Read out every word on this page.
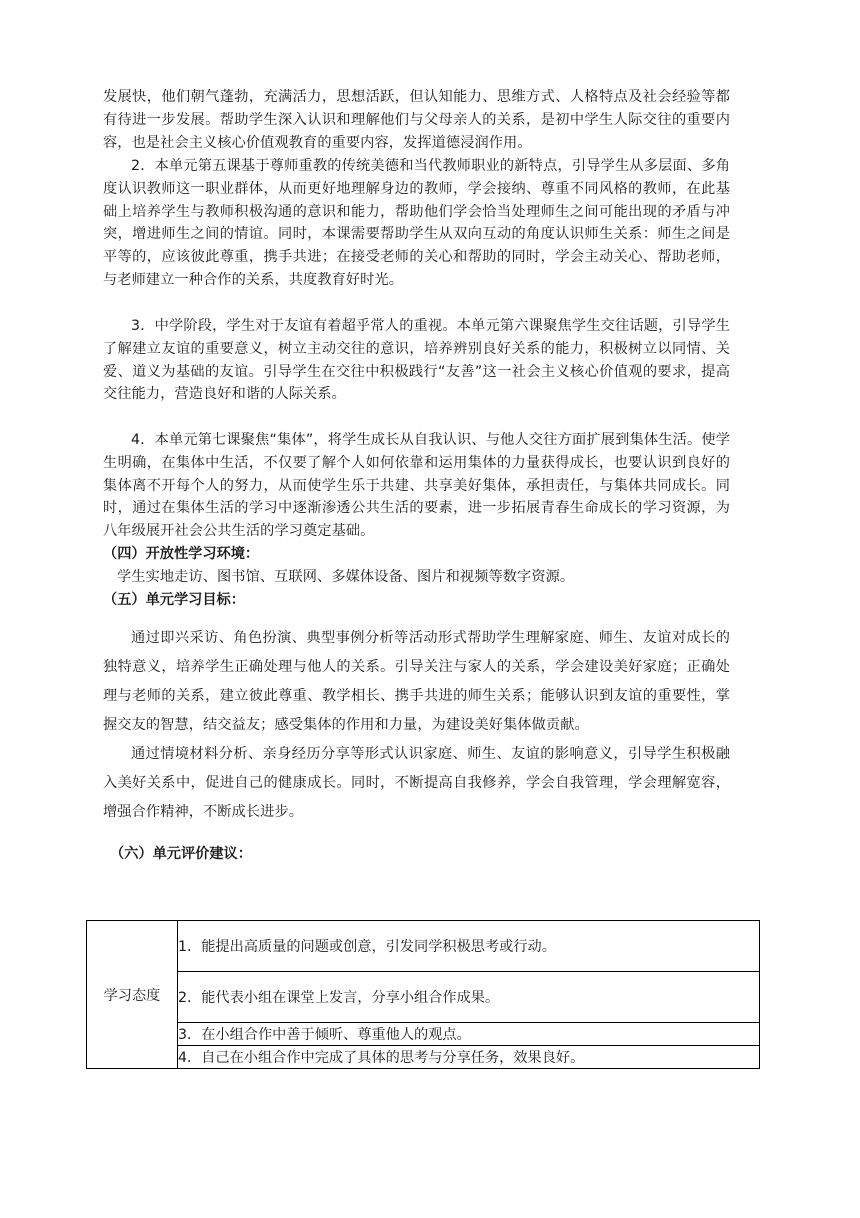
发展快，他们朝气蓬勃，充满活力，思想活跃，但认知能力、思维方式、人格特点及社会经验等都有待进一步发展。帮助学生深入认识和理解他们与父母亲人的关系，是初中学生人际交往的重要内容，也是社会主义核心价值观教育的重要内容，发挥道德浸润作用。

2．本单元第五课基于尊师重教的传统美德和当代教师职业的新特点，引导学生从多层面、多角度认识教师这一职业群体，从而更好地理解身边的教师，学会接纳、尊重不同风格的教师，在此基础上培养学生与教师积极沟通的意识和能力，帮助他们学会恰当处理师生之间可能出现的矛盾与冲突，增进师生之间的情谊。同时，本课需要帮助学生从双向互动的角度认识师生关系：师生之间是平等的，应该彼此尊重，携手共进；在接受老师的关心和帮助的同时，学会主动关心、帮助老师，与老师建立一种合作的关系，共度教育好时光。

3．中学阶段，学生对于友谊有着超乎常人的重视。本单元第六课聚焦学生交往话题，引导学生了解建立友谊的重要意义，树立主动交往的意识，培养辨别良好关系的能力，积极树立以同情、关爱、道义为基础的友谊。引导学生在交往中积极践行“友善”这一社会主义核心价值观的要求，提高交往能力，营造良好和谐的人际关系。

4．本单元第七课聚焦“集体”，将学生成长从自我认识、与他人交往方面扩展到集体生活。使学生明确，在集体中生活，不仅要了解个人如何依靠和运用集体的力量获得成长，也要认识到良好的集体离不开每个人的努力，从而使学生乐于共建、共享美好集体，承担责任，与集体共同成长。同时，通过在集体生活的学习中逐渐渗透公共生活的要素，进一步拓展青春生命成长的学习资源，为八年级展开社会公共生活的学习奠定基础。

（四）开放性学习环境：

学生实地走访、图书馆、互联网、多媒体设备、图片和视频等数字资源。

（五）单元学习目标：

通过即兴采访、角色扮演、典型事例分析等活动形式帮助学生理解家庭、师生、友谊对成长的独特意义，培养学生正确处理与他人的关系。引导关注与家人的关系，学会建设美好家庭；正确处理与老师的关系，建立彼此尊重、教学相长、携手共进的师生关系；能够认识到友谊的重要性，掌握交友的智慧，结交益友；感受集体的作用和力量，为建设美好集体做贡献。

通过情境材料分析、亲身经历分享等形式认识家庭、师生、友谊的影响意义，引导学生积极融入美好关系中，促进自己的健康成长。同时，不断提高自我修养，学会自我管理，学会理解宽容，增强合作精神，不断成长进步。

（六）单元评价建议：

学习态度	1．能提出高质量的问题或创意，引发同学积极思考或行动。
2．能代表小组在课堂上发言，分享小组合作成果。
3．在小组合作中善于倾听、尊重他人的观点。
4．自己在小组合作中完成了具体的思考与分享任务，效果良好。
